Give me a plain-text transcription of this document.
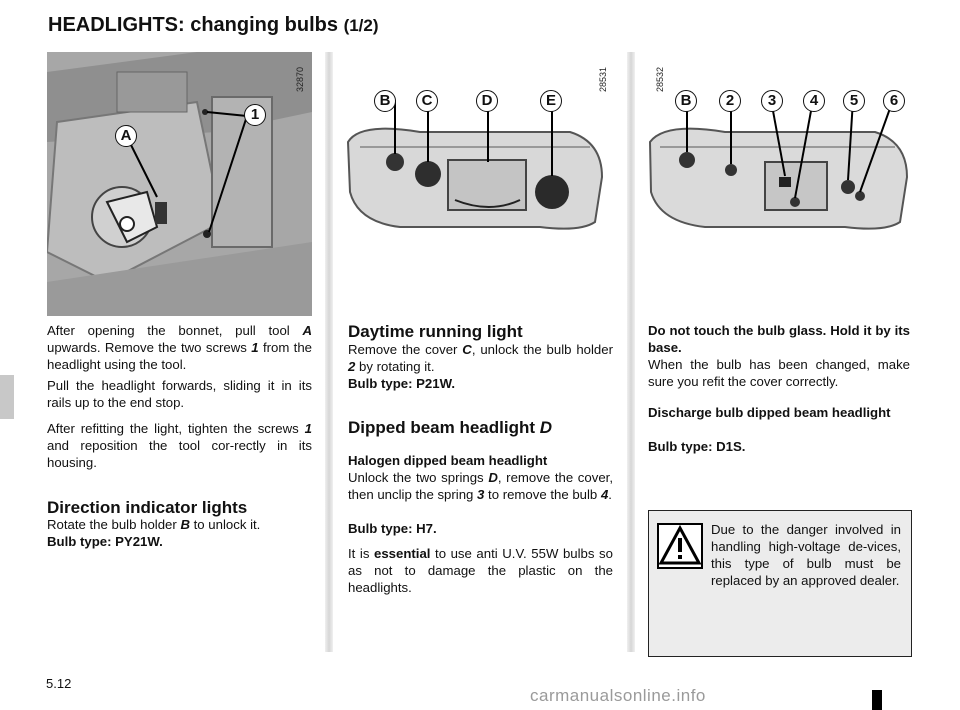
HEADLIGHTS: changing bulbs (1/2)
32870
1
A
28531
B	C	D	E
28532
B	2	3	4	5	6

After opening the bonnet, pull tool A upwards. Remove the two screws 1 from the headlight using the tool.

Pull the headlight forwards, sliding it in its rails up to the end stop.

After refitting the light, tighten the screws 1 and reposition the tool cor-rectly in its housing.

Direction indicator lights

Rotate the bulb holder B to unlock it.

Bulb type: PY21W.

Daytime running light

Remove the cover C, unlock the bulb holder 2 by rotating it.

Bulb type: P21W.

Dipped beam headlight D

Halogen dipped beam headlight

Unlock the two springs D, remove the cover, then unclip the spring 3 to remove the bulb 4.

Bulb type: H7.

It is essential to use anti U.V. 55W bulbs so as not to damage the plastic on the headlights.

Do not touch the bulb glass. Hold it by its base.

When the bulb has been changed, make sure you refit the cover correctly.

Discharge bulb dipped beam headlight

Bulb type: D1S.

Due to the danger involved in handling high-voltage de-vices, this type of bulb must be replaced by an approved dealer.
5.12
carmanualsonline.info
